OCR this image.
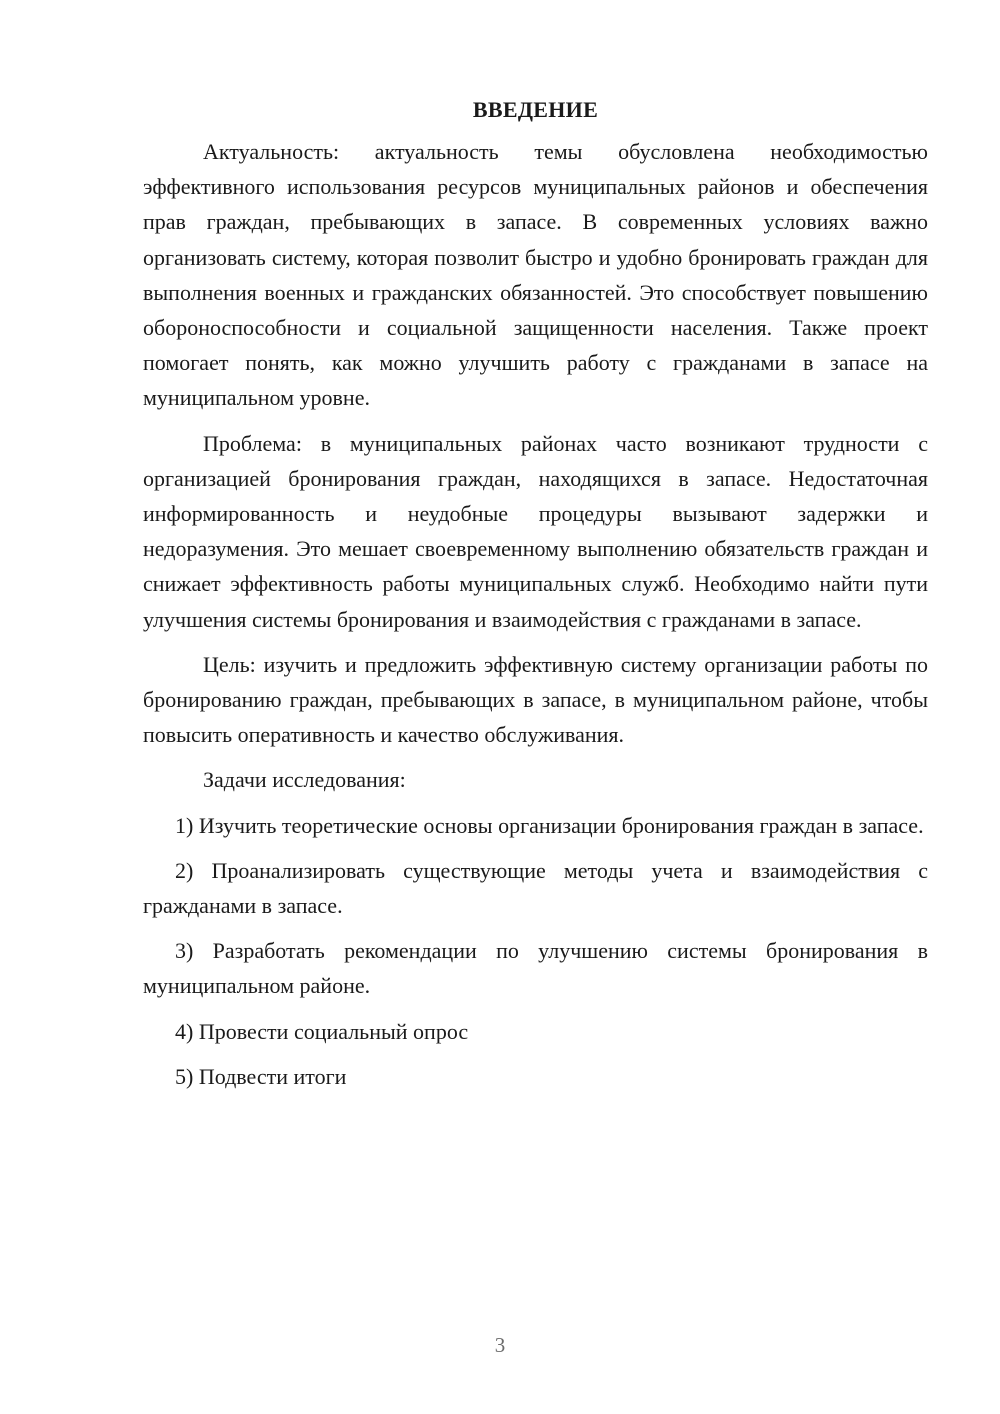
ВВЕДЕНИЕ

Актуальность: актуальность темы обусловлена необходимостью эффективного использования ресурсов муниципальных районов и обеспечения прав граждан, пребывающих в запасе. В современных условиях важно организовать систему, которая позволит быстро и удобно бронировать граждан для выполнения военных и гражданских обязанностей. Это способствует повышению обороноспособности и социальной защищенности населения. Также проект помогает понять, как можно улучшить работу с гражданами в запасе на муниципальном уровне.

Проблема: в муниципальных районах часто возникают трудности с организацией бронирования граждан, находящихся в запасе. Недостаточная информированность и неудобные процедуры вызывают задержки и недоразумения. Это мешает своевременному выполнению обязательств граждан и снижает эффективность работы муниципальных служб. Необходимо найти пути улучшения системы бронирования и взаимодействия с гражданами в запасе.

Цель: изучить и предложить эффективную систему организации работы по бронированию граждан, пребывающих в запасе, в муниципальном районе, чтобы повысить оперативность и качество обслуживания.

Задачи исследования:

1) Изучить теоретические основы организации бронирования граждан в запасе.

2) Проанализировать существующие методы учета и взаимодействия с гражданами в запасе.

3) Разработать рекомендации по улучшению системы бронирования в муниципальном районе.

4) Провести социальный опрос

5) Подвести итоги

3
